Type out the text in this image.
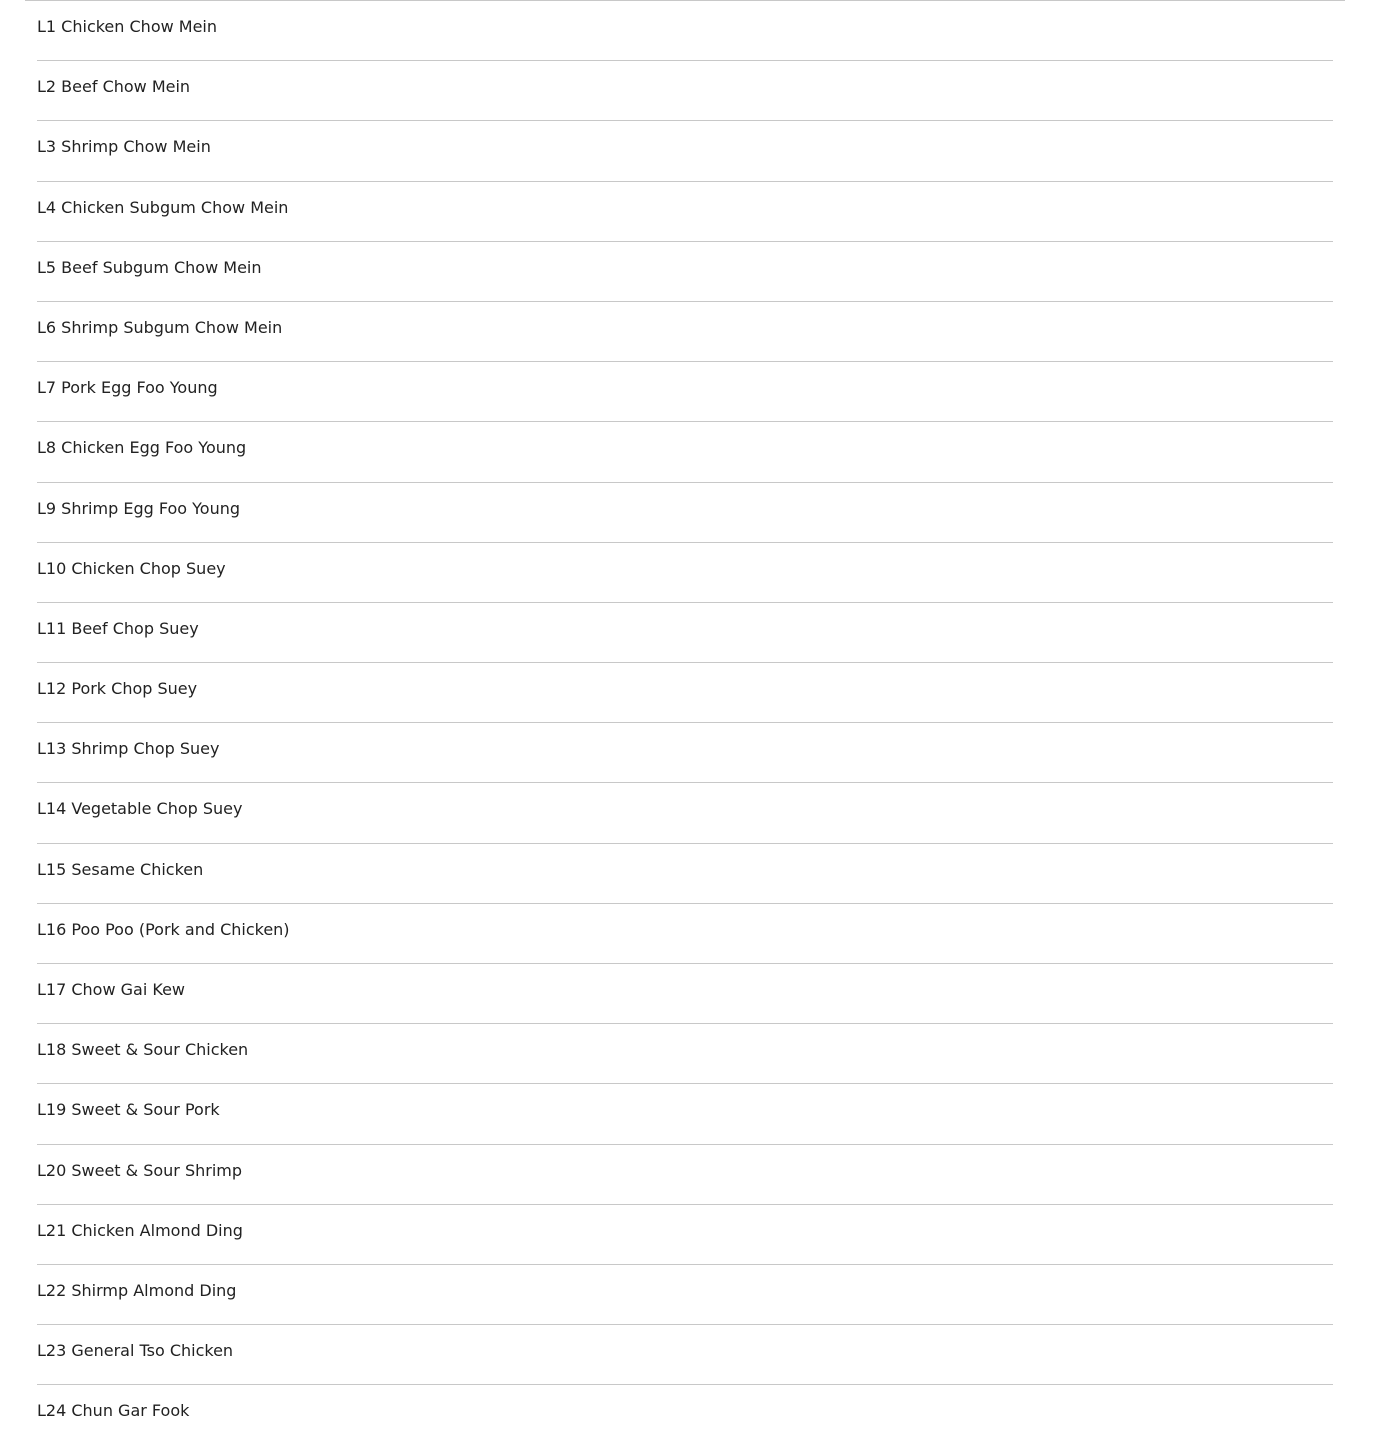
L1 Chicken Chow Mein
L2 Beef Chow Mein
L3 Shrimp Chow Mein
L4 Chicken Subgum Chow Mein
L5 Beef Subgum Chow Mein
L6 Shrimp Subgum Chow Mein
L7 Pork Egg Foo Young
L8 Chicken Egg Foo Young
L9 Shrimp Egg Foo Young
L10 Chicken Chop Suey
L11 Beef Chop Suey
L12 Pork Chop Suey
L13 Shrimp Chop Suey
L14 Vegetable Chop Suey
L15 Sesame Chicken
L16 Poo Poo (Pork and Chicken)
L17 Chow Gai Kew
L18 Sweet & Sour Chicken
L19 Sweet & Sour Pork
L20 Sweet & Sour Shrimp
L21 Chicken Almond Ding
L22 Shirmp Almond Ding
L23 General Tso Chicken
L24 Chun Gar Fook
